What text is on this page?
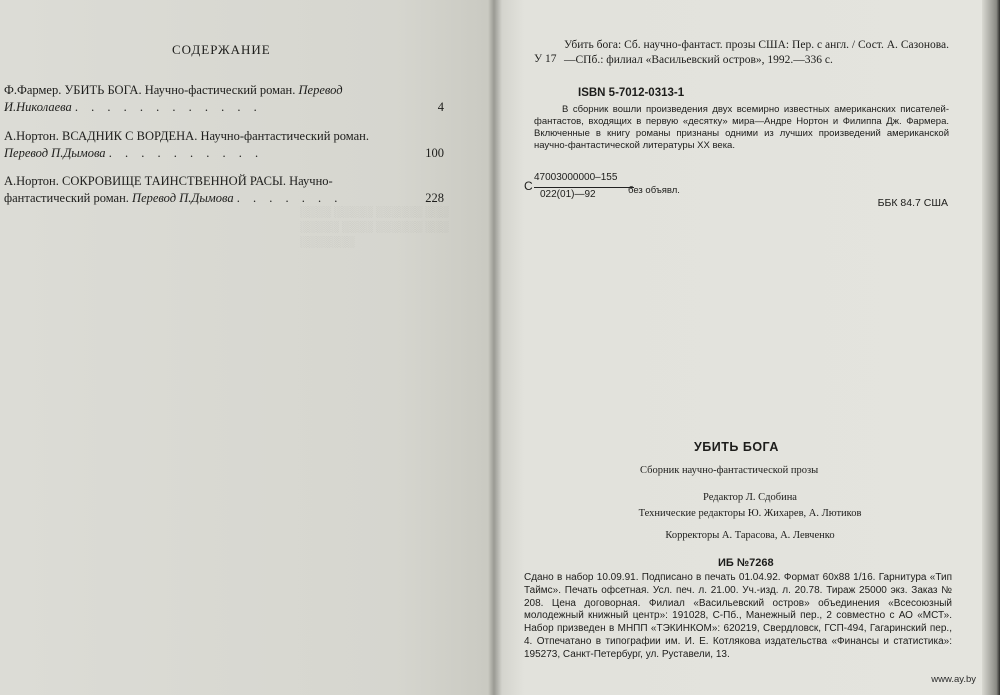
░░░░ ░░░░░ ░░░░░░ ░░░ ░░░░░ ░░░░ ░░░░░░ ░░░ ░░░░░░░
СОДЕРЖАНИЕ
Ф.Фармер. УБИТЬ БОГА. Научно-фастический роман. Перевод И.Николаева . . . . . . . . . . . .	4
А.Нортон. ВСАДНИК С ВОРДЕНА. Научно-фантастический роман. Перевод П.Дымова . . . . . . . . . .	100
А.Нортон. СОКРОВИЩЕ ТАИНСТВЕННОЙ РАСЫ. Научно-фантастический роман. Перевод П.Дымова . . . . . . .	228
У 17
Убить бога: Сб. научно-фантаст. прозы США: Пер. с англ. / Сост. А. Сазонова.—СПб.: филиал «Васильевский остров», 1992.—336 с.
ISBN 5-7012-0313-1
В сборник вошли произведения двух всемирно известных американских писателей-фантастов, входящих в первую «десятку» мира—Андре Нортон и Филиппа Дж. Фармера. Включенные в книгу романы признаны одними из лучших произведений американской научно-фантастической литературы XX века.
С
47003000000–155
022(01)—92	без объявл.
ББК 84.7 США
УБИТЬ БОГА
Сборник научно-фантастической прозы
Редактор Л. Сдобина
Технические редакторы Ю. Жихарев, А. Лютиков
Корректоры А. Тарасова, А. Левченко
ИБ №7268
Сдано в набор 10.09.91. Подписано в печать 01.04.92. Формат 60x88 1/16. Гарнитура «Тип Таймс». Печать офсетная. Усл. печ. л. 21.00. Уч.-изд. л. 20.78. Тираж 25000 экз. Заказ № 208. Цена договорная. Филиал «Васильевский остров» объединения «Всесоюзный молодежный книжный центр»: 191028, С-Пб., Манежный пер., 2 совместно с АО «МСТ». Набор призведен в МНПП «ТЭКИНКОМ»: 620219, Свердловск, ГСП-494, Гагаринский пер., 4. Отпечатано в типографии им. И. Е. Котлякова издательства «Финансы и статистика»: 195273, Санкт-Петербург, ул. Руставели, 13.
www.ay.by
